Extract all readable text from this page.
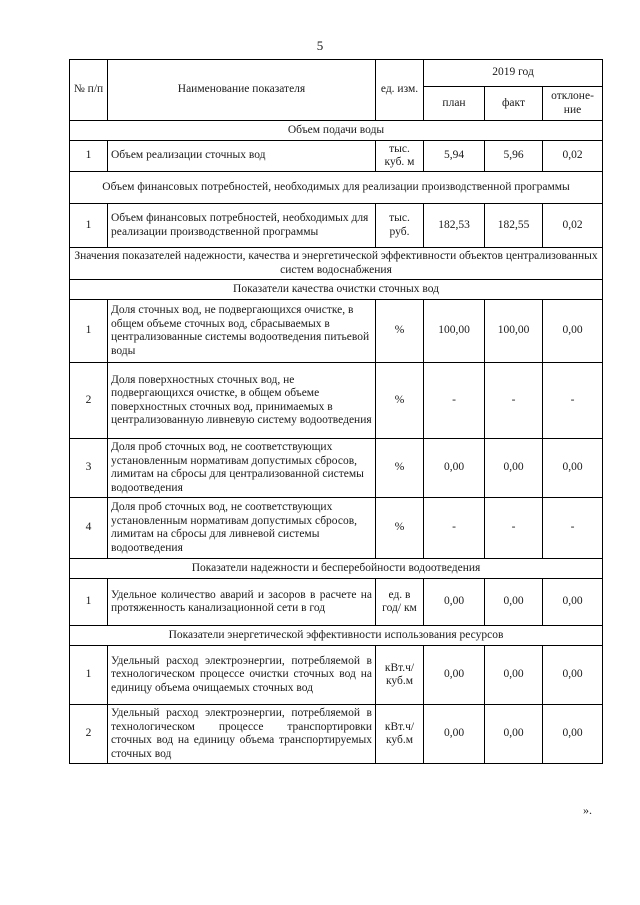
5
№ п/п	Наименование показателя	ед. изм.	2019 год		
			план	факт	отклоне-ние
Объем подачи воды					
1	Объем реализации сточных вод	тыс. куб. м	5,94	5,96	0,02
Объем финансовых потребностей, необходимых для реализации производственной программы					
1	Объем финансовых потребностей, необходимых для реализации производственной программы	тыс. руб.	182,53	182,55	0,02
Значения показателей надежности, качества и энергетической эффективности объектов централизованных систем водоснабжения					
Показатели качества очистки сточных вод					
1	Доля сточных вод, не подвергающихся очистке, в общем объеме сточных вод, сбрасываемых в централизованные системы водоотведения питьевой воды	%	100,00	100,00	0,00
2	Доля поверхностных сточных вод, не подвергающихся очистке, в общем объеме поверхностных сточных вод, принимаемых в централизованную ливневую систему водоотведения	%	-	-	-
3	Доля проб сточных вод, не соответствующих установленным нормативам допустимых сбросов, лимитам на сбросы для централизованной системы водоотведения	%	0,00	0,00	0,00
4	Доля проб сточных вод, не соответствующих установленным нормативам допустимых сбросов, лимитам на сбросы для ливневой системы водоотведения	%	-	-	-
Показатели надежности и бесперебойности водоотведения					
1	Удельное количество аварий и засоров в расчете на протяженность канализационной сети в год	ед. в год/ км	0,00	0,00	0,00
Показатели энергетической эффективности использования ресурсов					
1	Удельный расход электроэнергии, потребляемой в технологическом процессе очистки сточных вод на единицу объема очищаемых сточных вод	кВт.ч/ куб.м	0,00	0,00	0,00
2	Удельный расход электроэнергии, потребляемой в технологическом процессе транспортировки сточных вод на единицу объема транспортируемых сточных вод	кВт.ч/ куб.м	0,00	0,00	0,00
».
